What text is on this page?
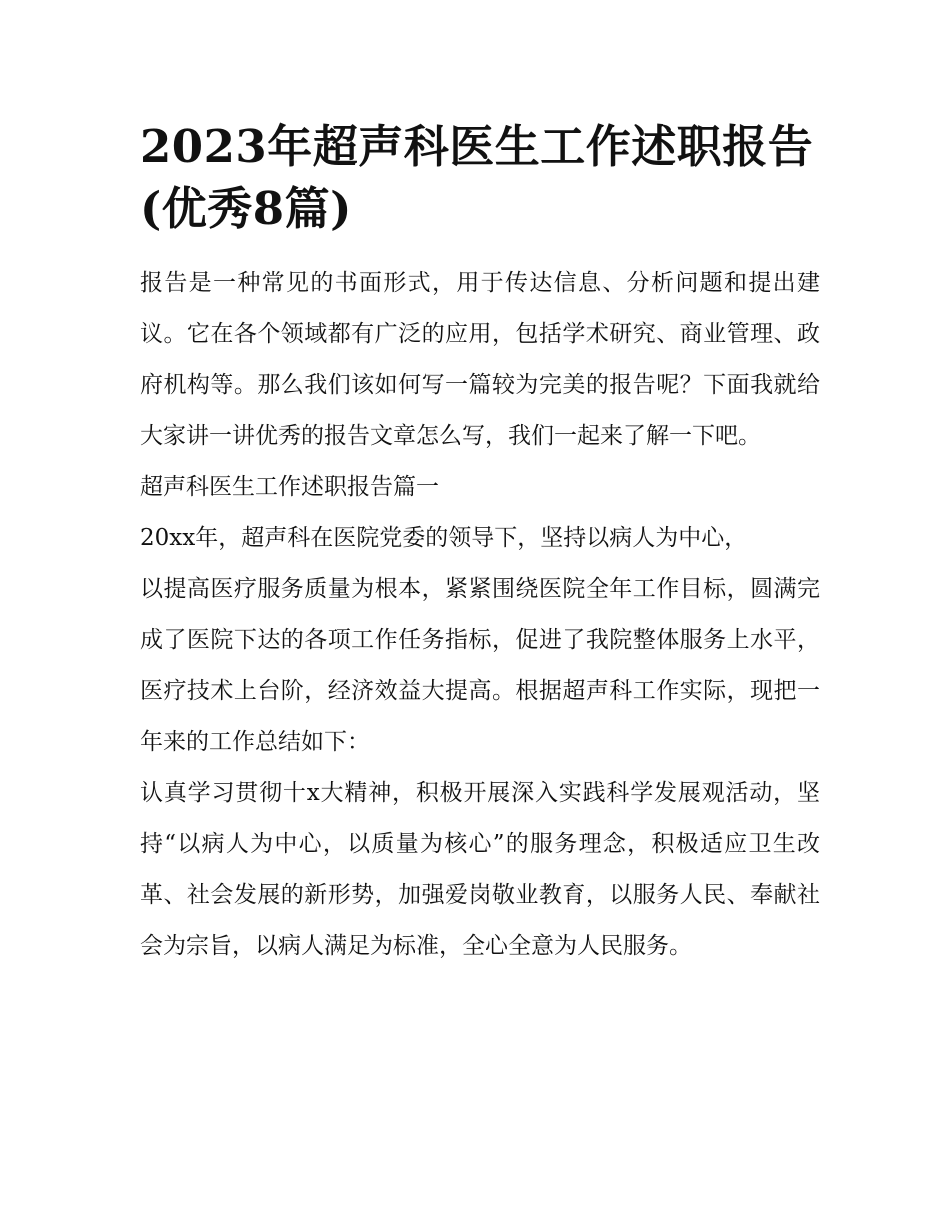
2023年超声科医生工作述职报告(优秀8篇)

报告是一种常见的书面形式，用于传达信息、分析问题和提出建议。它在各个领域都有广泛的应用，包括学术研究、商业管理、政府机构等。那么我们该如何写一篇较为完美的报告呢？下面我就给大家讲一讲优秀的报告文章怎么写，我们一起来了解一下吧。

超声科医生工作述职报告篇一

20xx年，超声科在医院党委的领导下，坚持以病人为中心，

以提高医疗服务质量为根本，紧紧围绕医院全年工作目标，圆满完成了医院下达的各项工作任务指标，促进了我院整体服务上水平，医疗技术上台阶，经济效益大提高。根据超声科工作实际，现把一年来的工作总结如下：

认真学习贯彻十x大精神，积极开展深入实践科学发展观活动，坚持“以病人为中心，以质量为核心”的服务理念，积极适应卫生改革、社会发展的新形势，加强爱岗敬业教育，以服务人民、奉献社会为宗旨，以病人满足为标准，全心全意为人民服务。
